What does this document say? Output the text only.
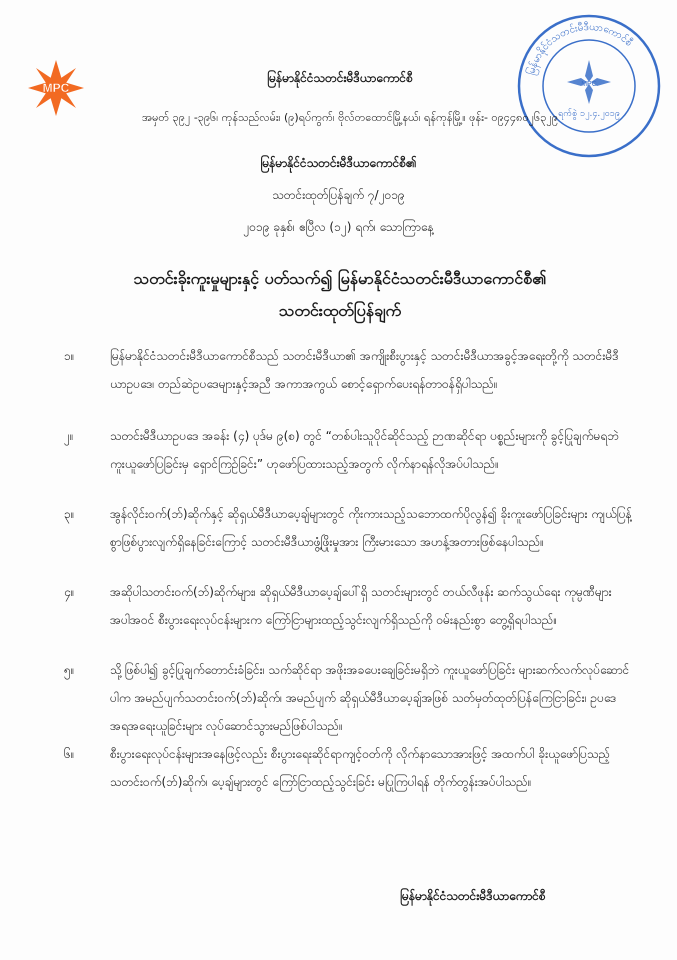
MPC
မြန်မာနိုင်ငံသတင်းမီဒီယာကောင်စီ
MPC
ရက်စွဲ ၁၂.၄.၂၀၁၉
မြန်မာနိုင်ငံသတင်းမီဒီယာကောင်စီ
အမှတ် ၃၉၂ -၃၉၆၊ ကုန်သည်လမ်း၊ (၉)ရပ်ကွက်၊ ဗိုလ်တထောင်မြို့နယ်၊ ရန်ကုန်မြို့။ ဖုန်း- ၀၉၄၄၈၀၂၆၃၂၉
မြန်မာနိုင်ငံသတင်းမီဒီယာကောင်စီ၏
သတင်းထုတ်ပြန်ချက် ၇/၂၀၁၉
၂၀၁၉ ခုနှစ်၊ ဧပြီလ (၁၂) ရက်၊ သောကြာနေ့
သတင်းခိုးကူးမှုများနှင့် ပတ်သက်၍ မြန်မာနိုင်ငံသတင်းမီဒီယာကောင်စီ၏
သတင်းထုတ်ပြန်ချက်
၁။	မြန်မာနိုင်ငံသတင်းမီဒီယာကောင်စီသည် သတင်းမီဒီယာ၏ အကျိုးစီးပွားနှင့် သတင်းမီဒီယာအခွင့်အရေးတို့ကို သတင်းမီဒီယာဥပဒေ၊ တည်ဆဲဥပဒေများနှင့်အညီ အကာအကွယ် စောင့်ရှောက်ပေးရန်တာဝန်ရှိပါသည်။
၂။	သတင်းမီဒီယာဥပဒေ အခန်း (၄) ပုဒ်မ ၉(စ) တွင် “တစ်ပါးသူပိုင်ဆိုင်သည့် ဉာဏဆိုင်ရာ ပစ္စည်းများကို ခွင့်ပြုချက်မရဘဲ ကူးယူဖော်ပြခြင်းမှ ရှောင်ကြဉ်ခြင်း” ဟုဖော်ပြထားသည့်အတွက် လိုက်နာရန်လိုအပ်ပါသည်။
၃။	အွန်လိုင်းဝက်(ဘ်)ဆိုက်နှင့် ဆိုရှယ်မီဒီယာပေ့ချ်များတွင် ကိုးကားသည့်သဘောထက်ပိုလွန်၍ ခိုးကူးဖော်ပြခြင်းများ ကျယ်ပြန့်စွာဖြစ်ပွားလျက်ရှိနေခြင်းကြောင့် သတင်းမီဒီယာဖွံ့ဖြိုးမှုအား ကြီးမားသော အဟန့်အတားဖြစ်နေပါသည်။
၄။	အဆိုပါသတင်းဝက်(ဘ်)ဆိုက်များ၊ ဆိုရှယ်မီဒီယာပေ့ချ်ပေါ်ရှိ သတင်းများတွင် တယ်လီဖုန်း ဆက်သွယ်ရေး ကုမ္ပဏီများအပါအဝင် စီးပွားရေးလုပ်ငန်းများက ကြော်ငြာများထည့်သွင်းလျက်ရှိသည်ကို ဝမ်းနည်းစွာ တွေ့ရှိရပါသည်။
၅။	သို့ဖြစ်ပါ၍ ခွင့်ပြုချက်တောင်းခံခြင်း၊ သက်ဆိုင်ရာ အဖိုးအခပေးချေခြင်းမရှိဘဲ ကူးယူဖော်ပြခြင်း များဆက်လက်လုပ်ဆောင်ပါက အမည်ပျက်သတင်းဝက်(ဘ်)ဆိုက်၊ အမည်ပျက် ဆိုရှယ်မီဒီယာပေ့ချ်အဖြစ် သတ်မှတ်ထုတ်ပြန်ကြေငြာခြင်း၊ ဥပဒေအရအရေးယူခြင်းများ လုပ်ဆောင်သွားမည်ဖြစ်ပါသည်။
၆။	စီးပွားရေးလုပ်ငန်းများအနေဖြင့်လည်း စီးပွားရေးဆိုင်ရာကျင့်ဝတ်ကို လိုက်နာသောအားဖြင့် အထက်ပါ ခိုးယူဖော်ပြသည့် သတင်းဝက်(ဘ်)ဆိုက်၊ ပေ့ချ်များတွင် ကြော်ငြာထည့်သွင်းခြင်း မပြုကြပါရန် တိုက်တွန်းအပ်ပါသည်။
မြန်မာနိုင်ငံသတင်းမီဒီယာကောင်စီ
